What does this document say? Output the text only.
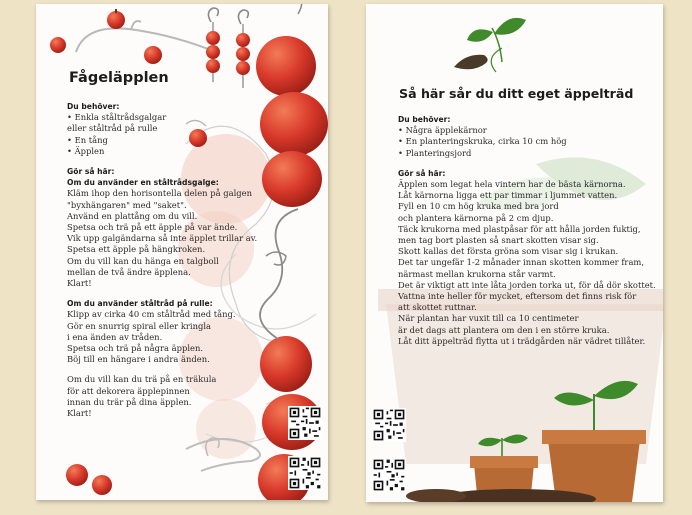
Fågeläpplen
Du behöver:
• Enkla ståltrådsgalgar
eller ståltråd på rulle
• En tång
• Äpplen
Gör så här:
Om du använder en ståltrådsgalge:
Kläm ihop den horisontella delen på galgen
"byxhängaren" med "saket".
Använd en plattång om du vill.
Spetsa och trä på ett äpple på var ände.
Vik upp galgändarna så inte äpplet trillar av.
Spetsa ett äpple på hängkroken.
Om du vill kan du hänga en talgboll
mellan de två ändre äpplena.
Klart!
Om du använder ståltråd på rulle:
Klipp av cirka 40 cm ståltråd med tång.
Gör en snurrig spiral eller kringla
i ena änden av tråden.
Spetsa och trä på några äpplen.
Böj till en hängare i andra änden.
Om du vill kan du trä på en träkula
för att dekorera äpplepinnen
innan du trär på dina äpplen.
Klart!
Så här sår du ditt eget äppelträd
Du behöver:
• Några äpplekärnor
• En planteringskruka, cirka 10 cm hög
• Planteringsjord
Gör så här:
Äpplen som legat hela vintern har de bästa kärnorna.
Låt kärnorna ligga ett par timmar i ljummet vatten.
Fyll en 10 cm hög kruka med bra jord
och plantera kärnorna på 2 cm djup.
Täck krukorna med plastpåsar för att hålla jorden fuktig,
men tag bort plasten så snart skotten visar sig.
Skott kallas det första gröna som visar sig i krukan.
Det tar ungefär 1-2 månader innan skotten kommer fram,
närmast mellan krukorna står varmt.
Det är viktigt att inte låta jorden torka ut, för då dör skottet.
Vattna inte heller för mycket, eftersom det finns risk för
att skottet ruttnar.
När plantan har vuxit till ca 10 centimeter
är det dags att plantera om den i en större kruka.
Låt ditt äppelträd flytta ut i trädgården när vädret tillåter.
